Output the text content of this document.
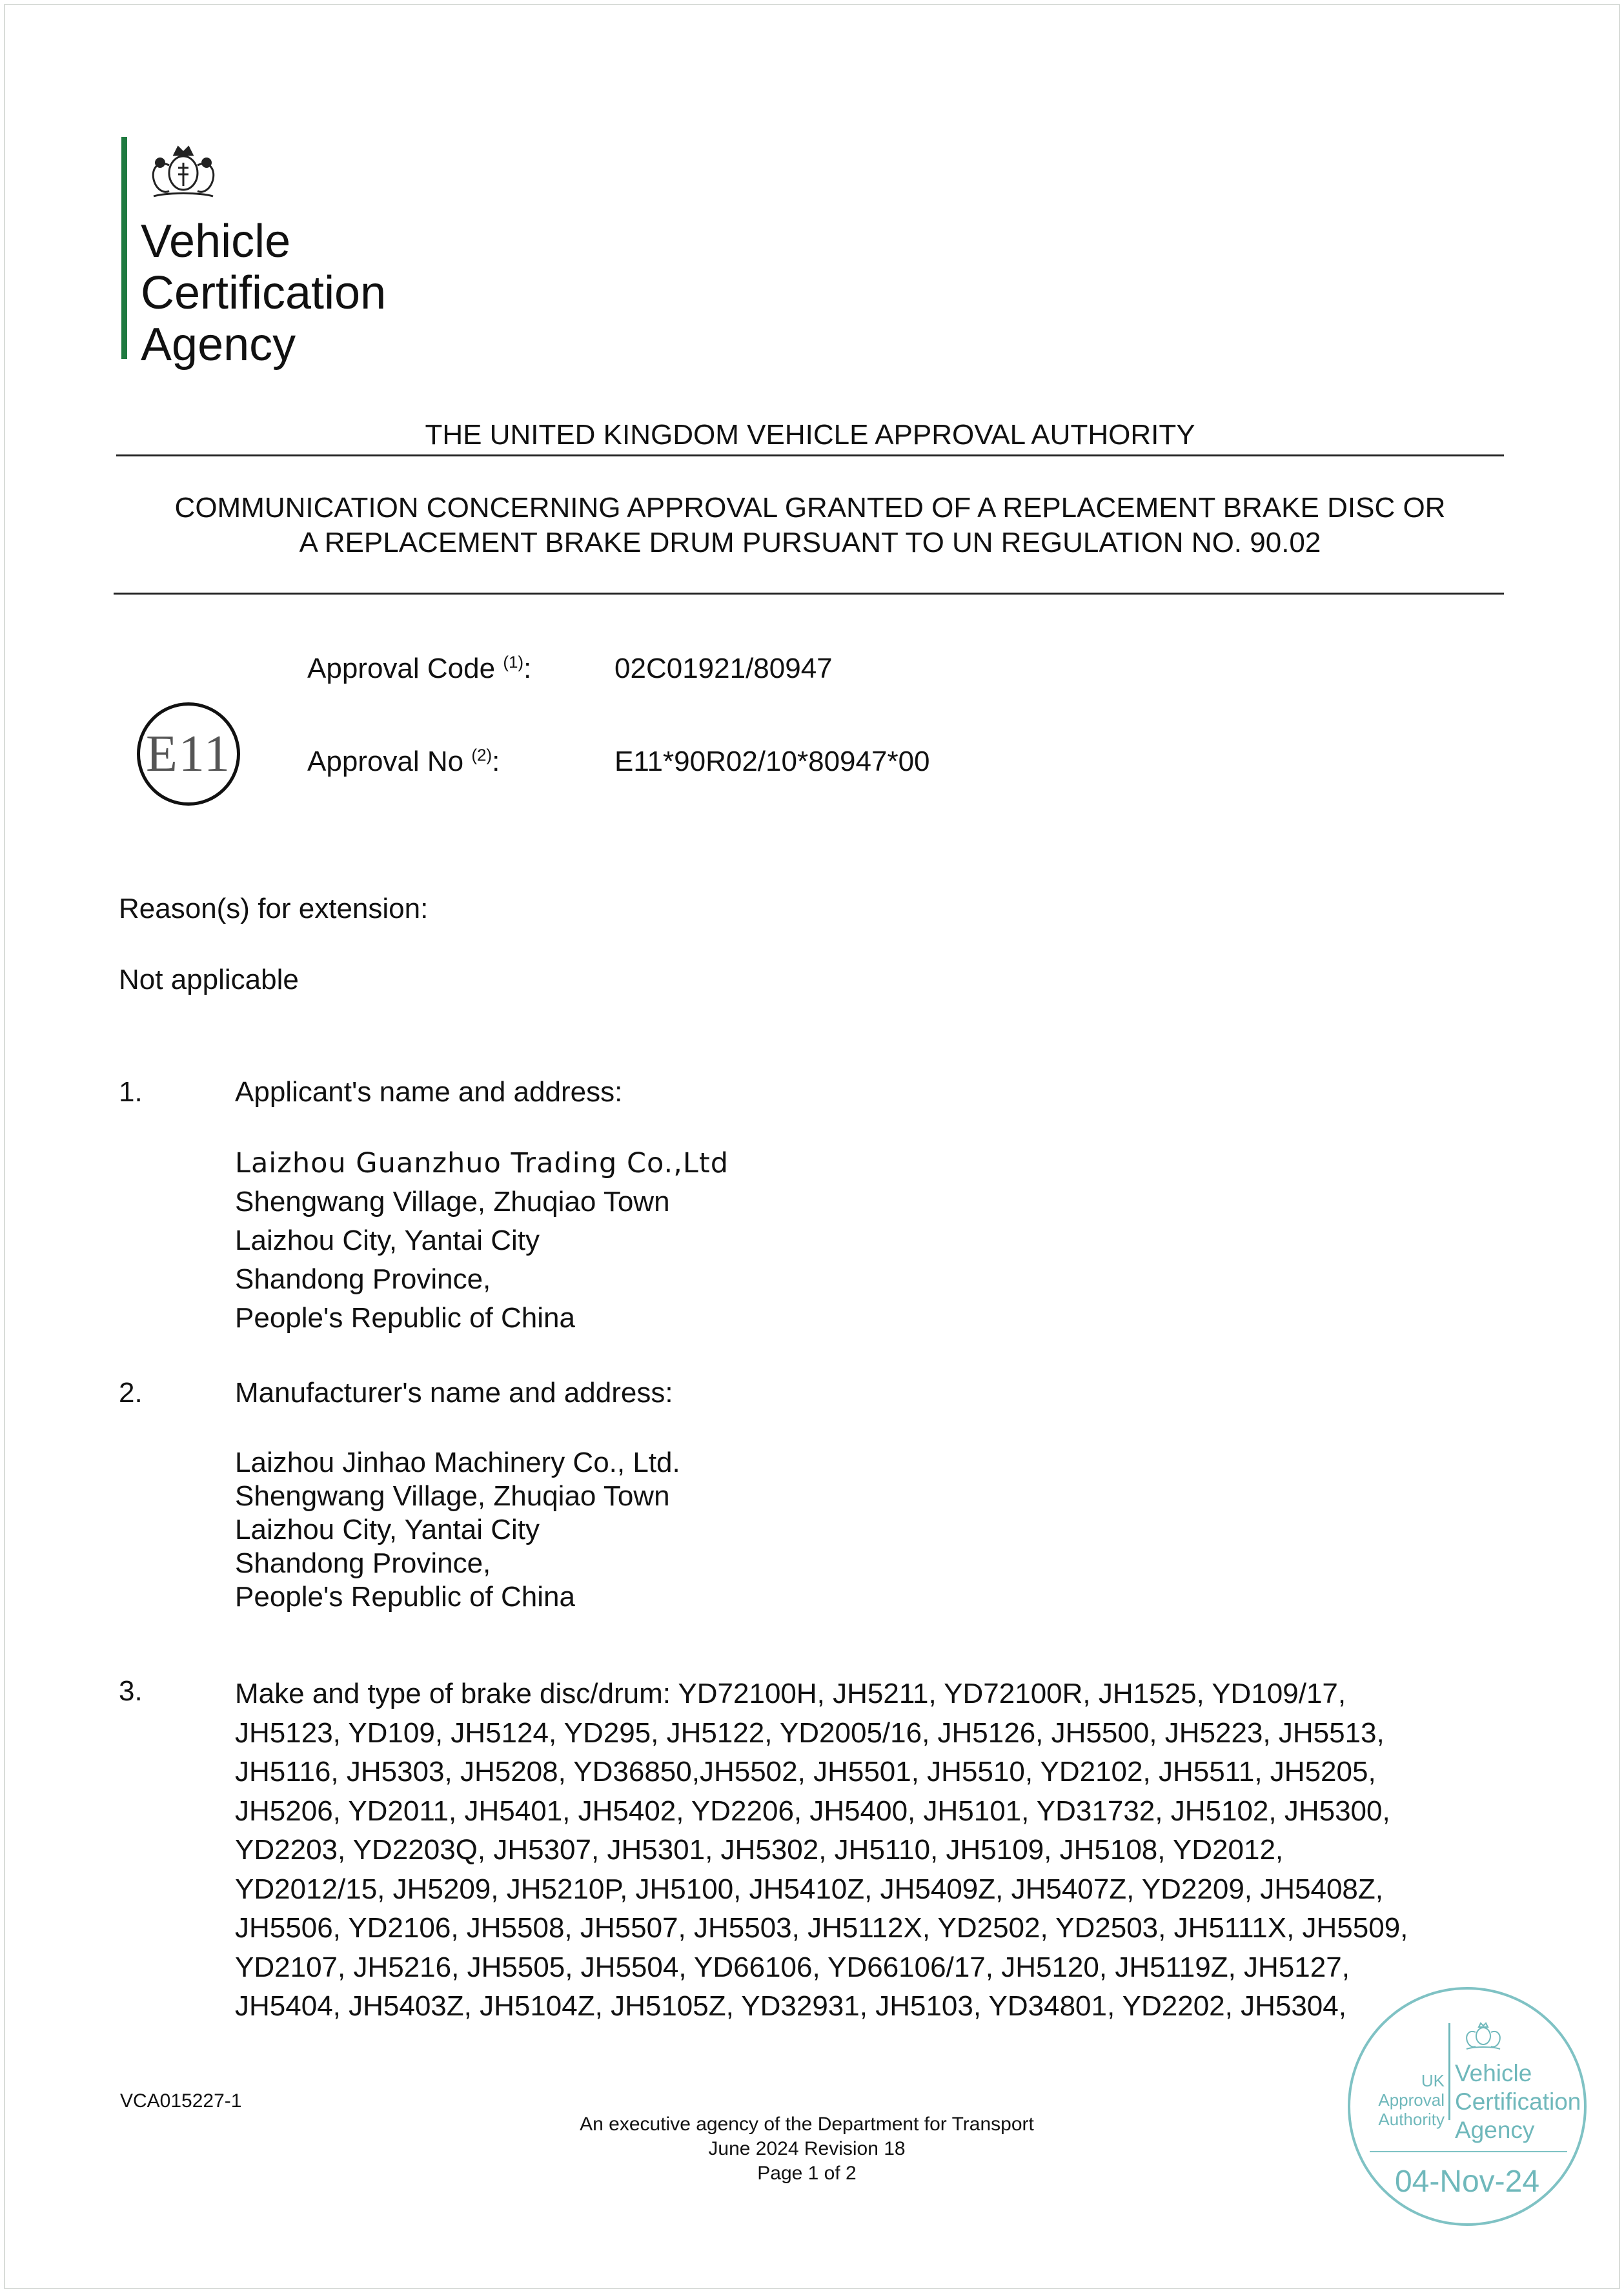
Vehicle
Certification
Agency
THE UNITED KINGDOM VEHICLE APPROVAL AUTHORITY
COMMUNICATION CONCERNING APPROVAL GRANTED OF A REPLACEMENT BRAKE DISC OR
A REPLACEMENT BRAKE DRUM PURSUANT TO UN REGULATION NO. 90.02
E11
Approval Code $^{(1)}$:	02C01921/80947
Approval No $^{(2)}$:	E11*90R02/10*80947*00
Reason(s) for extension:
Not applicable
1.	Applicant's name and address:
Laizhou Guanzhuo Trading Co.,Ltd
Shengwang Village, Zhuqiao Town
Laizhou City, Yantai City
Shandong Province,
People's Republic of China
2.	Manufacturer's name and address:
Laizhou Jinhao Machinery Co., Ltd.
Shengwang Village, Zhuqiao Town
Laizhou City, Yantai City
Shandong Province,
People's Republic of China
3.	Make and type of brake disc/drum: YD72100H, JH5211, YD72100R, JH1525, YD109/17,
JH5123, YD109, JH5124, YD295, JH5122, YD2005/16, JH5126, JH5500, JH5223, JH5513,
JH5116, JH5303, JH5208, YD36850,JH5502, JH5501, JH5510, YD2102, JH5511, JH5205,
JH5206, YD2011, JH5401, JH5402, YD2206, JH5400, JH5101, YD31732, JH5102, JH5300,
YD2203, YD2203Q, JH5307, JH5301, JH5302, JH5110, JH5109, JH5108, YD2012,
YD2012/15, JH5209, JH5210P, JH5100, JH5410Z, JH5409Z, JH5407Z, YD2209, JH5408Z,
JH5506, YD2106, JH5508, JH5507, JH5503, JH5112X, YD2502, YD2503, JH5111X, JH5509,
YD2107, JH5216, JH5505, JH5504, YD66106, YD66106/17, JH5120, JH5119Z, JH5127,
JH5404, JH5403Z, JH5104Z, JH5105Z, YD32931, JH5103, YD34801, YD2202, JH5304,
VCA015227-1
An executive agency of the Department for Transport
June 2024 Revision 18
Page 1 of 2
UK
Approval
Authority
Vehicle
Certification
Agency
04-Nov-24
